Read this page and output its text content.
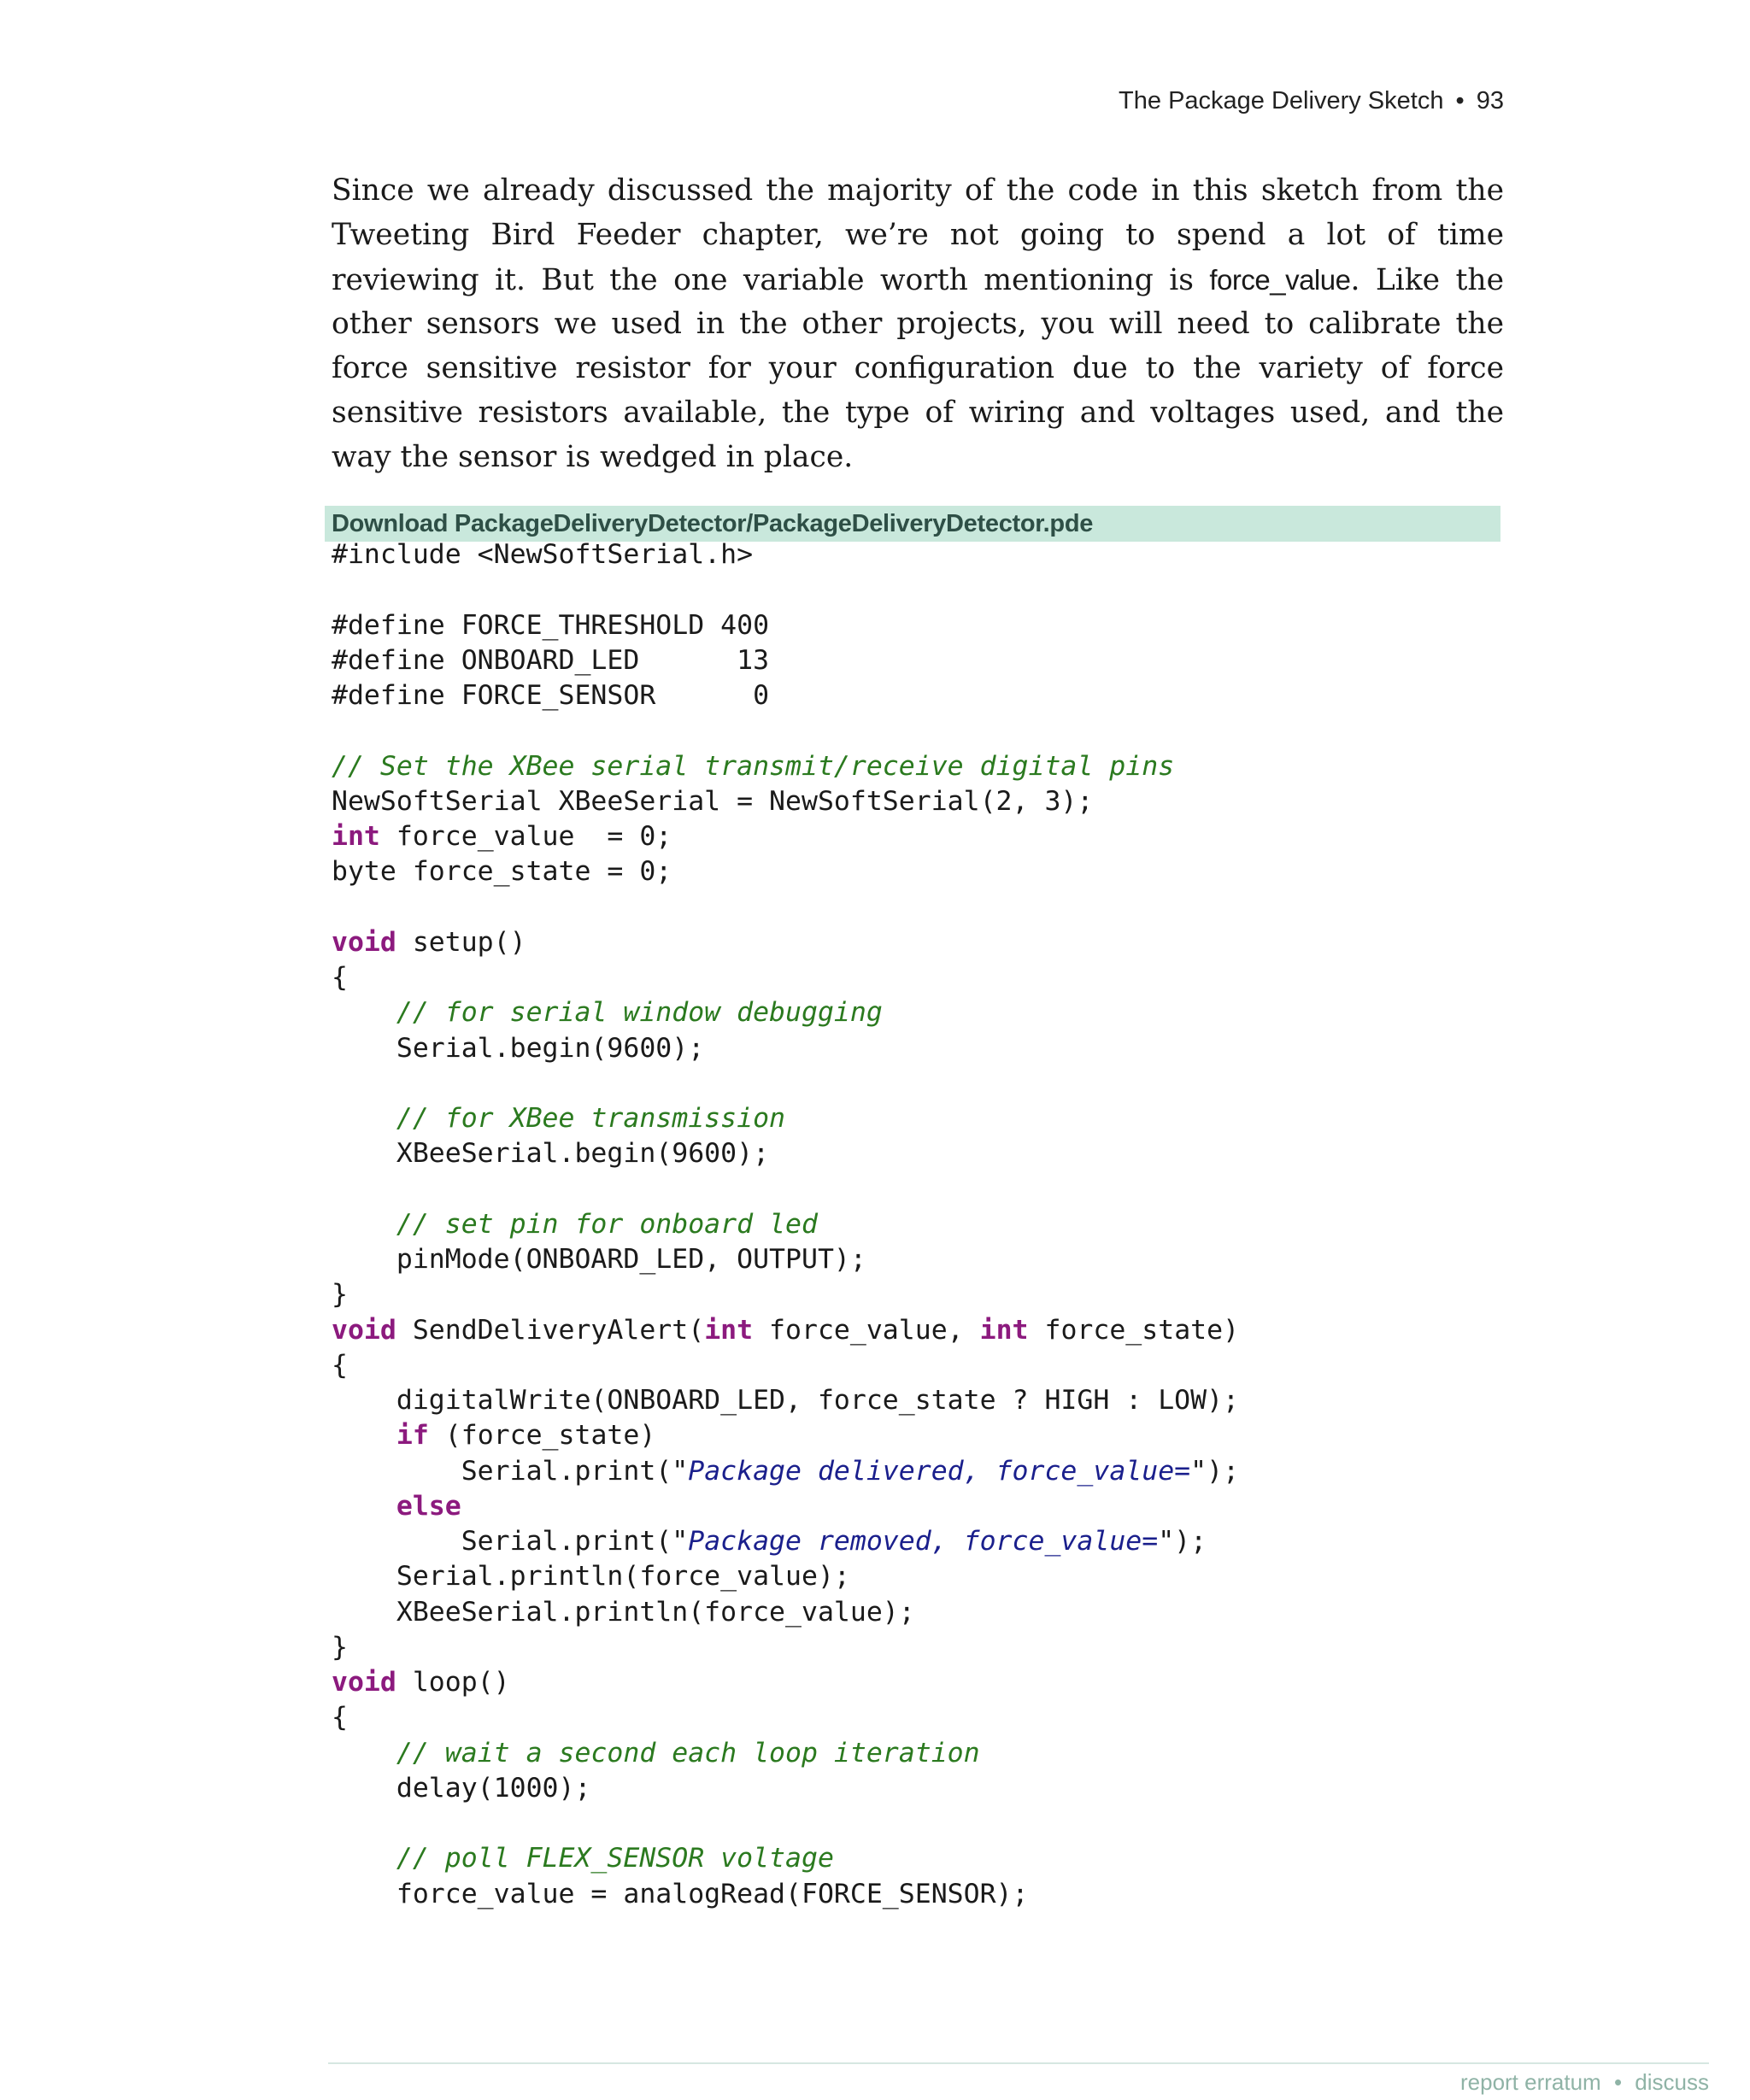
The Package Delivery Sketch • 93

Since we already discussed the majority of the code in this sketch from the Tweeting Bird Feeder chapter, we’re not going to spend a lot of time reviewing it. But the one variable worth mentioning is force_value. Like the other sensors we used in the other projects, you will need to calibrate the force sensitive resistor for your configuration due to the variety of force sensitive resistors available, the type of wiring and voltages used, and the way the sensor is wedged in place.

Download
PackageDeliveryDetector/PackageDeliveryDetector.pde
#include <NewSoftSerial.h>
#define FORCE_THRESHOLD 400
#define ONBOARD_LED      13
#define FORCE_SENSOR      0
// Set the XBee serial transmit/receive digital pins
NewSoftSerial XBeeSerial = NewSoftSerial(2, 3);
int force_value  = 0;
byte force_state = 0;
void setup()
{
// for serial window debugging
Serial.begin(9600);
// for XBee transmission
XBeeSerial.begin(9600);
// set pin for onboard led
pinMode(ONBOARD_LED, OUTPUT);
}
void SendDeliveryAlert(int force_value, int force_state)
{
digitalWrite(ONBOARD_LED, force_state ? HIGH : LOW);
if (force_state)
Serial.print("Package delivered, force_value=");
else
Serial.print("Package removed, force_value=");
Serial.println(force_value);
XBeeSerial.println(force_value);
}
void loop()
{
// wait a second each loop iteration
delay(1000);
// poll FLEX_SENSOR voltage
force_value = analogRead(FORCE_SENSOR);
report erratum • discuss
